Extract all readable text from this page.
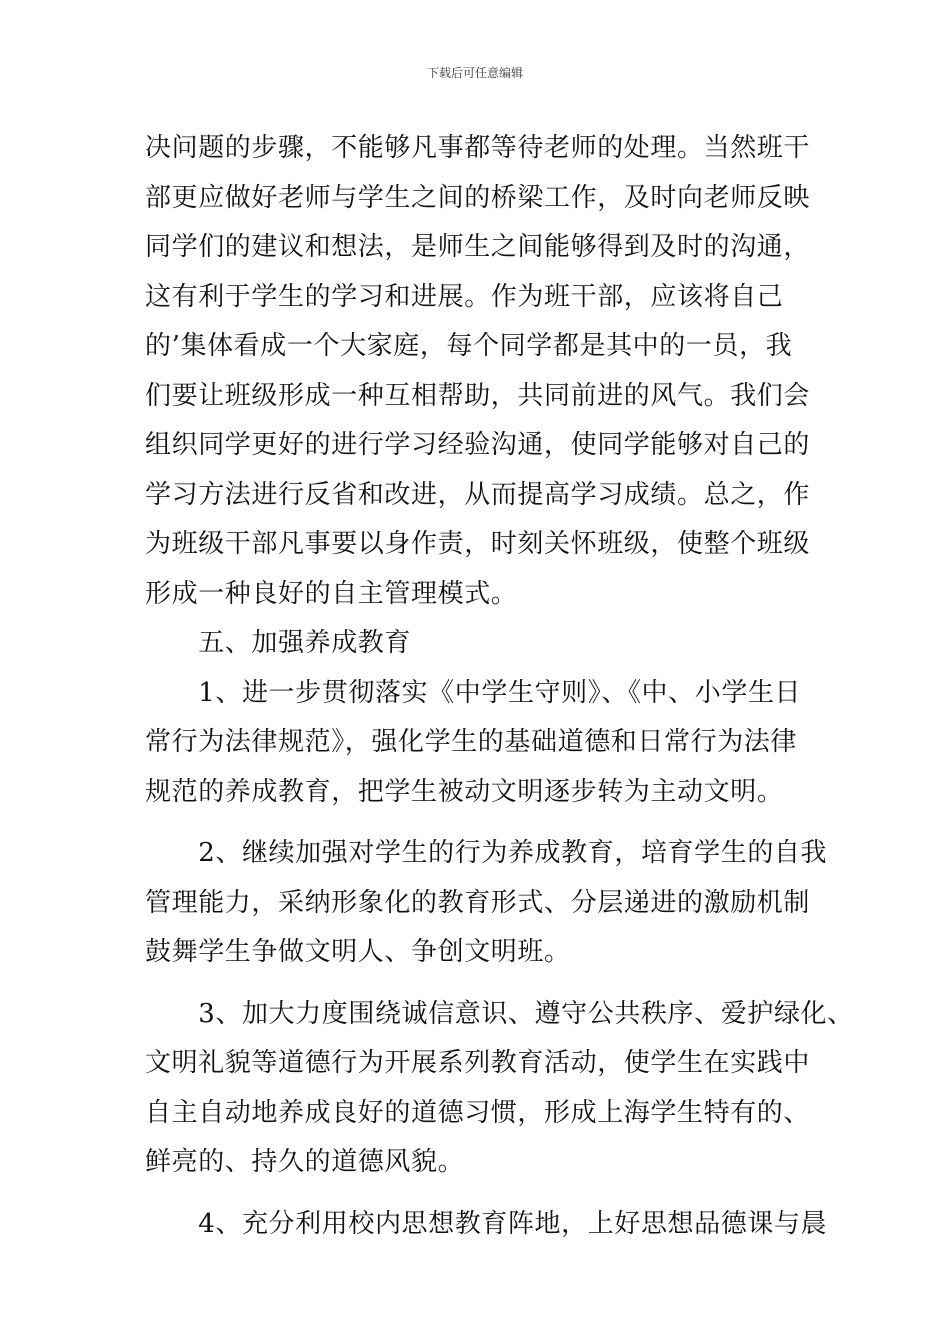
下载后可任意编辑
决问题的步骤，不能够凡事都等待老师的处理。当然班干
部更应做好老师与学生之间的桥梁工作，及时向老师反映
同学们的建议和想法，是师生之间能够得到及时的沟通，
这有利于学生的学习和进展。作为班干部，应该将自己
的’集体看成一个大家庭，每个同学都是其中的一员，我
们要让班级形成一种互相帮助，共同前进的风气。我们会
组织同学更好的进行学习经验沟通，使同学能够对自己的
学习方法进行反省和改进，从而提高学习成绩。总之，作
为班级干部凡事要以身作责，时刻关怀班级，使整个班级
形成一种良好的自主管理模式。
　　五、加强养成教育
　　1、进一步贯彻落实《中学生守则》、《中、小学生日
常行为法律规范》，强化学生的基础道德和日常行为法律
规范的养成教育，把学生被动文明逐步转为主动文明。
　　2、继续加强对学生的行为养成教育，培育学生的自我
管理能力，采纳形象化的教育形式、分层递进的激励机制
鼓舞学生争做文明人、争创文明班。
　　3、加大力度围绕诚信意识、遵守公共秩序、爱护绿化、
文明礼貌等道德行为开展系列教育活动，使学生在实践中
自主自动地养成良好的道德习惯，形成上海学生特有的、
鲜亮的、持久的道德风貌。
　　4、充分利用校内思想教育阵地，上好思想品德课与晨
